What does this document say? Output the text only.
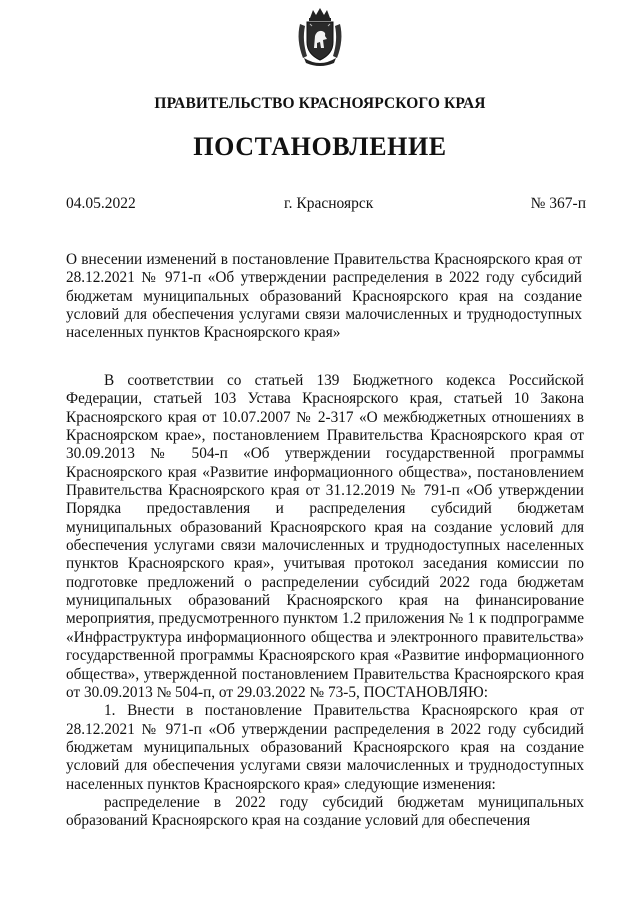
ПРАВИТЕЛЬСТВО КРАСНОЯРСКОГО КРАЯ
ПОСТАНОВЛЕНИЕ
04.05.2022	г. Красноярск	№ 367-п
О внесении изменений в постановление Правительства Красноярского края от 28.12.2021 № 971-п «Об утверждении распределения в 2022 году субсидий бюджетам муниципальных образований Красноярского края на создание условий для обеспечения услугами связи малочисленных и труднодоступных населенных пунктов Красноярского края»

В соответствии со статьей 139 Бюджетного кодекса Российской Федерации, статьей 103 Устава Красноярского края, статьей 10 Закона Красноярского края от 10.07.2007 № 2-317 «О межбюджетных отношениях в Красноярском крае», постановлением Правительства Красноярского края от 30.09.2013 № 504-п «Об утверждении государственной программы Красноярского края «Развитие информационного общества», постановлением Правительства Красноярского края от 31.12.2019 № 791-п «Об утверждении Порядка предоставления и распределения субсидий бюджетам муниципальных образований Красноярского края на создание условий для обеспечения услугами связи малочисленных и труднодоступных населенных пунктов Красноярского края», учитывая протокол заседания комиссии по подготовке предложений о распределении субсидий 2022 года бюджетам муниципальных образований Красноярского края на финансирование мероприятия, предусмотренного пунктом 1.2 приложения № 1 к подпрограмме «Инфраструктура информационного общества и электронного правительства» государственной программы Красноярского края «Развитие информационного общества», утвержденной постановлением Правительства Красноярского края от 30.09.2013 № 504-п, от 29.03.2022 № 73-5, ПОСТАНОВЛЯЮ:

1. Внести в постановление Правительства Красноярского края от 28.12.2021 № 971-п «Об утверждении распределения в 2022 году субсидий бюджетам муниципальных образований Красноярского края на создание условий для обеспечения услугами связи малочисленных и труднодоступных населенных пунктов Красноярского края» следующие изменения:

распределение в 2022 году субсидий бюджетам муниципальных образований Красноярского края на создание условий для обеспечения
